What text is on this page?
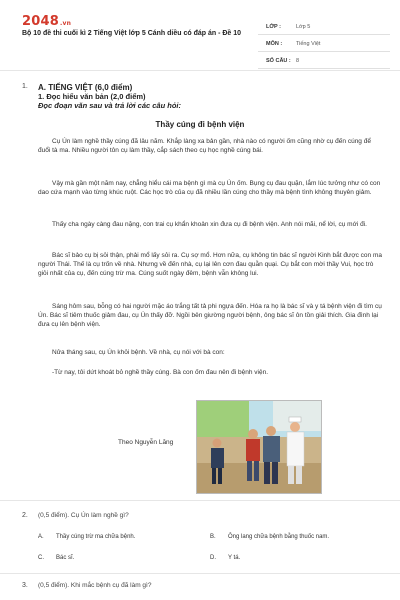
2048.vn
Bộ 10 đề thi cuối kì 2 Tiếng Việt lớp 5 Cánh diều có đáp án - Đề 10
LỚP :	Lớp 5
MÔN :	Tiếng Việt
SỐ CÂU : 8
1. A. TIẾNG VIỆT (6,0 điểm)
1. Đọc hiểu văn bản (2,0 điểm)
Đọc đoạn văn sau và trả lời các câu hỏi:
Thầy cúng đi bệnh viện
Cụ Ún làm nghề thầy cúng đã lâu năm. Khắp làng xa bản gần, nhà nào có người ốm cũng nhờ cụ đến cúng để đuổi tà ma. Nhiều người tôn cụ làm thầy, cắp sách theo cụ học nghề cúng bái.
Vậy mà gần một năm nay, chẳng hiểu cái ma bệnh gì mà cụ Ún ốm. Bụng cụ đau quặn, lắm lúc tưởng như có con dao cứa mạnh vào từng khúc ruột. Các học trò của cụ đã nhiều lần cúng cho thầy mà bệnh tình không thuyên giảm.
Thấy cha ngày càng đau nặng, con trai cụ khẩn khoản xin đưa cụ đi bệnh viện. Anh nói mãi, nể lời, cụ mới đi.
Bác sĩ bảo cụ bị sỏi thận, phải mổ lấy sỏi ra. Cụ sợ mổ. Hơn nữa, cụ không tin bác sĩ người Kinh bắt được con ma người Thái. Thế là cụ trốn về nhà. Nhưng về đến nhà, cụ lại lên cơn đau quằn quại. Cụ bắt con mời thầy Vui, học trò giỏi nhất của cụ, đến cúng trừ ma. Cúng suốt ngày đêm, bệnh vẫn không lui.
Sáng hôm sau, bỗng có hai người mặc áo trắng tất tả phi ngựa đến. Hóa ra họ là bác sĩ và y tá bệnh viện đi tìm cụ Ún. Bác sĩ tiêm thuốc giảm đau, cụ Ún thấy đỡ. Ngồi bên giường người bệnh, ông bác sĩ ôn tồn giải thích. Gia đình lại đưa cụ lên bệnh viện.
Nửa tháng sau, cụ Ún khỏi bệnh. Về nhà, cụ nói với bà con:
-Từ nay, tôi dứt khoát bỏ nghề thầy cúng. Bà con ốm đau nên đi bệnh viện.
Theo Nguyễn Lăng
2. (0,5 điểm). Cụ Ún làm nghề gì?
A. Thầy cúng trừ ma chữa bệnh.	B. Ông lang chữa bệnh bằng thuốc nam.
C. Bác sĩ.	D. Y tá.
3. (0,5 điểm). Khi mắc bệnh cụ đã làm gì?
